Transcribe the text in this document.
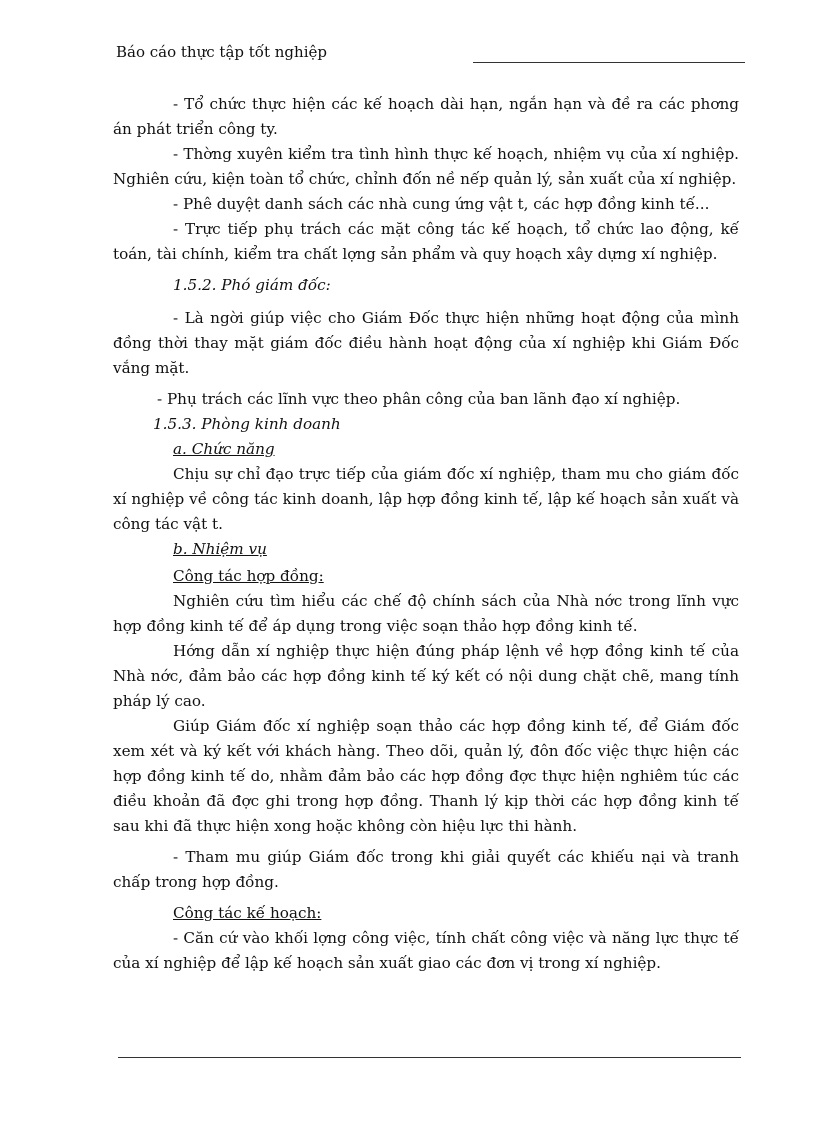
Báo cáo thực tập tốt nghiệp

- Tổ chức thực hiện các kế hoạch dài hạn, ngắn hạn và đề ra các phơng án phát triển công ty.

- Thờng xuyên kiểm tra tình hình thực kế hoạch, nhiệm vụ của xí nghiệp. Nghiên cứu, kiện toàn tổ chức, chỉnh đốn nề nếp quản lý, sản xuất của xí nghiệp.

- Phê duyệt danh sách các nhà cung ứng vật t, các hợp đồng kinh tế...

- Trực tiếp phụ trách các mặt công tác kế hoạch, tổ chức lao động, kế toán, tài chính, kiểm tra chất lợng sản phẩm và quy hoạch xây dựng xí nghiệp.

1.5.2. Phó giám đốc:

- Là ngời giúp việc cho Giám Đốc thực hiện những hoạt động của mình đồng thời thay mặt giám đốc điều hành hoạt động của xí nghiệp khi Giám Đốc vắng mặt.

- Phụ trách các lĩnh vực theo phân công của ban lãnh đạo xí nghiệp.

1.5.3. Phòng kinh doanh

a. Chức năng

Chịu sự chỉ đạo trực tiếp của giám đốc xí nghiệp, tham mu cho giám đốc xí nghiệp về công tác kinh doanh, lập hợp đồng kinh tế, lập kế hoạch sản xuất và công tác vật t.

b. Nhiệm vụ

Công tác hợp đồng:

Nghiên cứu tìm hiểu các chế độ chính sách của Nhà nớc trong lĩnh vực hợp đồng kinh tế để áp dụng trong việc soạn thảo hợp đồng kinh tế.

Hớng dẫn xí nghiệp thực hiện đúng pháp lệnh về hợp đồng kinh tế của Nhà nớc, đảm bảo các hợp đồng kinh tế ký kết có nội dung chặt chẽ, mang tính pháp lý cao.

Giúp Giám đốc xí nghiệp soạn thảo các hợp đồng kinh tế, để Giám đốc xem xét và ký kết với khách hàng. Theo dõi, quản lý, đôn đốc việc thực hiện các hợp đồng kinh tế do, nhằm đảm bảo các hợp đồng đợc thực hiện nghiêm túc các điều khoản đã đợc ghi trong hợp đồng. Thanh lý kịp thời các hợp đồng kinh tế sau khi đã thực hiện xong hoặc không còn hiệu lực thi hành.

- Tham mu giúp Giám đốc trong khi giải quyết các khiếu nại và tranh chấp trong hợp đồng.

Công tác kế hoạch:

- Căn cứ vào khối lợng công việc, tính chất công việc và năng lực thực tế của xí nghiệp để lập kế hoạch sản xuất giao các đơn vị trong xí nghiệp.
